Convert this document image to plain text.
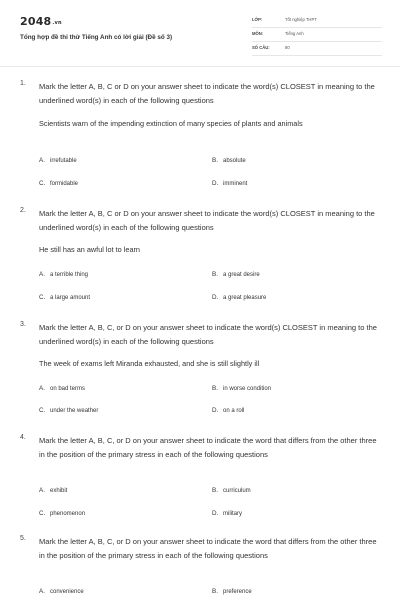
$2048_{.vn}$
Tổng hợp đề thi thử Tiếng Anh có lời giải (Đề số 3)
LỚP:	Tốt nghiệp THPT
MÔN:	Tiếng Anh
SỐ CÂU:	80
1. Mark the letter A, B, C or D on your answer sheet to indicate the word(s) CLOSEST in meaning to the underlined word(s) in each of the following questions
Scientists warn of the impending extinction of many species of plants and animals
A. irrefutable	B. absolute
C. formidable	D. imminent
2. Mark the letter A, B, C or D on your answer sheet to indicate the word(s) CLOSEST in meaning to the underlined word(s) in each of the following questions
He still has an awful lot to learn
A. a terrible thing	B. a great desire
C. a large amount	D. a great pleasure
3. Mark the letter A, B, C, or D on your answer sheet to indicate the word(s) CLOSEST in meaning to the underlined word(s) in each of the following questions
The week of exams left Miranda exhausted, and she is still slightly ill
A. on bad terms	B. in worse condition
C. under the weather	D. on a roll
4. Mark the letter A, B, C, or D on your answer sheet to indicate the word that differs from the other three in the position of the primary stress in each of the following questions
A. exhibit	B. curriculum
C. phenomenon	D. military
5. Mark the letter A, B, C, or D on your answer sheet to indicate the word that differs from the other three in the position of the primary stress in each of the following questions
A. convenience	B. preference
